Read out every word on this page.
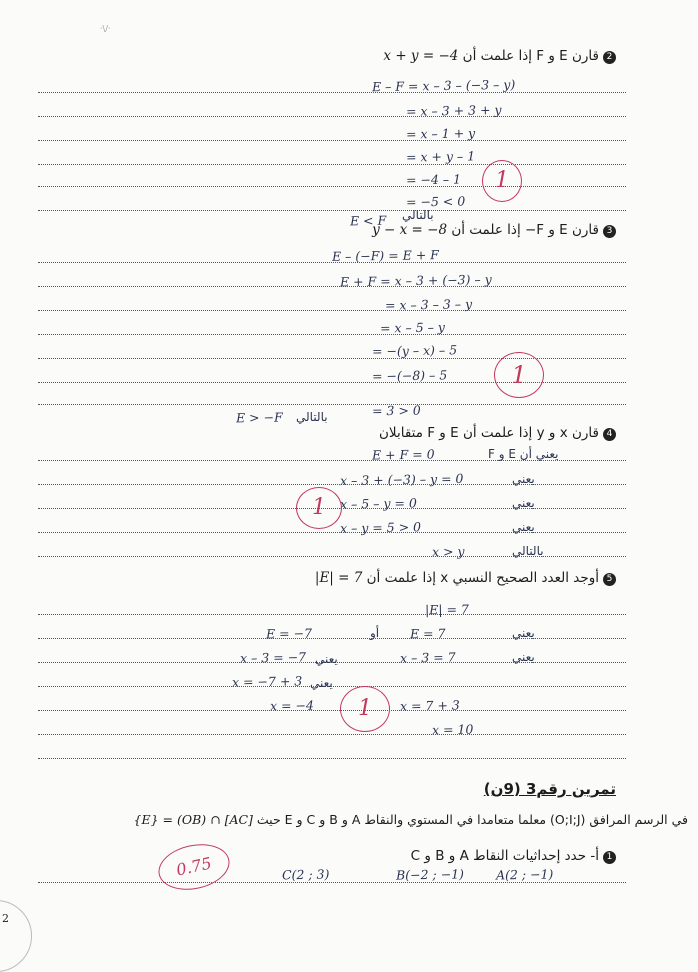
·\/·
2قارن E و F إذا علمت أن x + y = −4
E – F = x – 3 – (−3 – y)
= x – 3 + 3 + y
= x – 1 + y
= x + y – 1
= −4 – 1
= −5 < 0
بالتالي
E < F
1
3قارن E و F− إذا علمت أن y − x = −8
E – (−F) = E + F
E + F = x – 3 + (−3) – y
= x – 3 – 3 – y
= x – 5 – y
= −(y – x) – 5
= −(−8) – 5
= 3 > 0
بالتالي
E > −F
1
4قارن x و y إذا علمت أن E و F متقابلان
E + F = 0	يعني أن E و F
x – 3 + (−3) – y = 0	يعني
x – 5 – y = 0	يعني
x – y = 5 > 0	يعني
x > y	بالتالي
1
5أوجد العدد الصحيح النسبي x إذا علمت أن |E| = 7
|E| = 7
يعني
E = −7	أو E = 7
x – 3 = −7 يعني	x – 3 = 7	يعني
x = −7 + 3 يعني
x = 7 + 3
x = −4
x = 10
1
تمرين رقم3 (9ن)
في الرسم المرافق (O;I;J) معلما متعامدا في المستوي والنقاط A و B و C و E حيث {E} = (OB) ∩ [AC]
1أ- حدد إحداثيات النقاط A و B و C
A(2 ; −1)
B(−2 ; −1)
C(2 ; 3)
0.75
2
